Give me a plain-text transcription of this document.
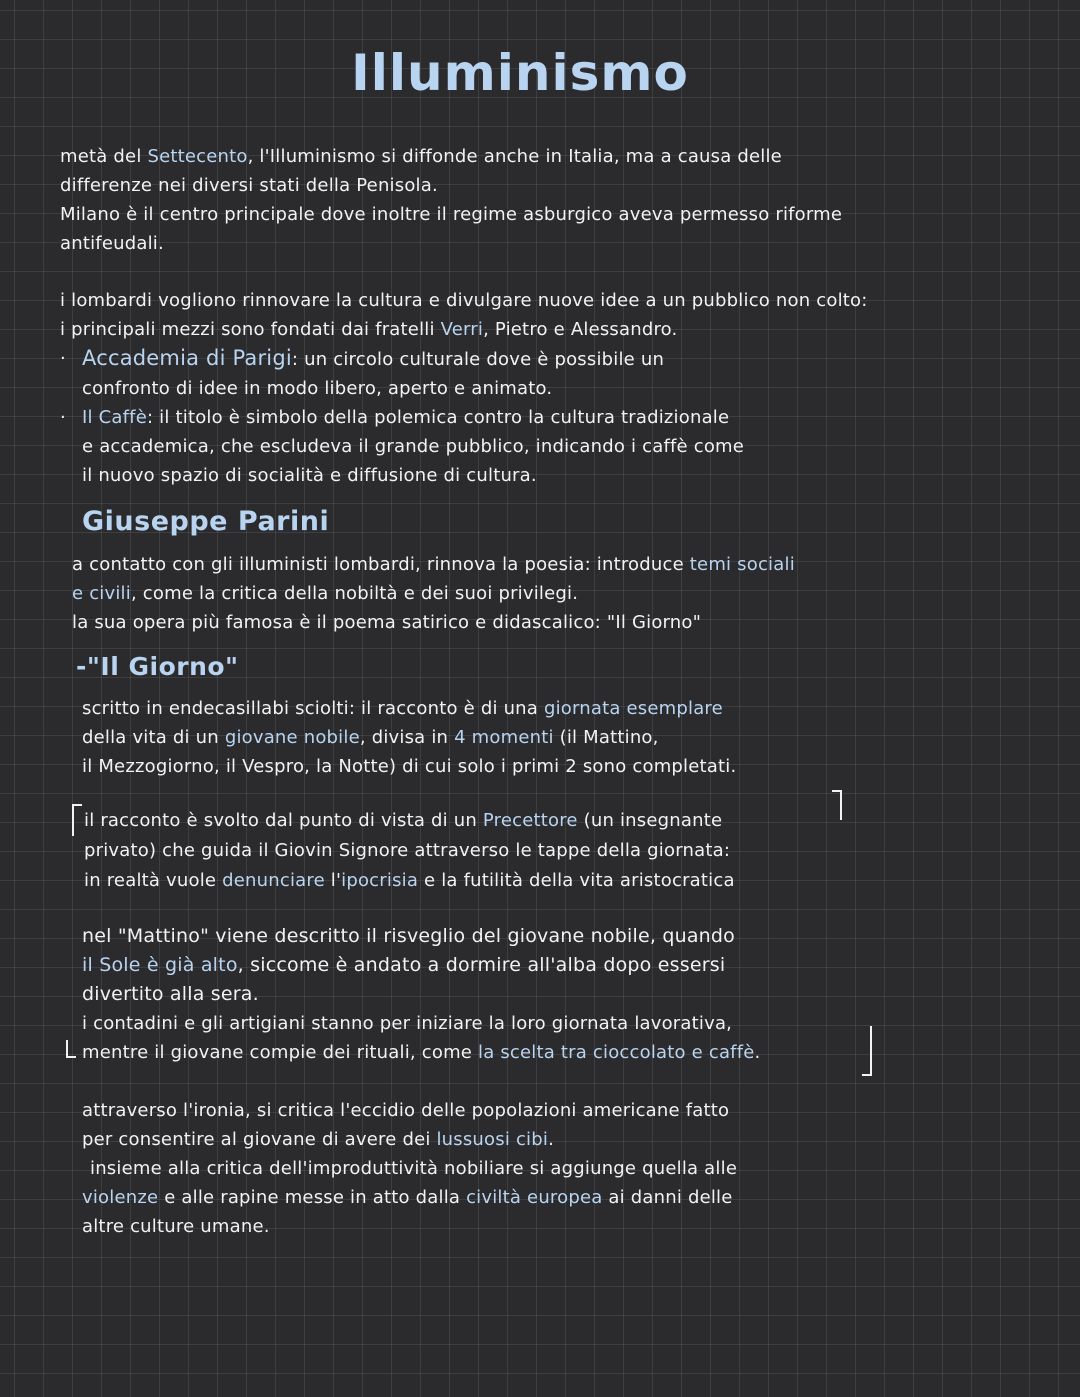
Illuminismo

metà del Settecento, l'Illuminismo si diffonde anche in Italia, ma a causa delle

differenze nei diversi stati della Penisola.

Milano è il centro principale dove inoltre il regime asburgico aveva permesso riforme

antifeudali.

i lombardi vogliono rinnovare la cultura e divulgare nuove idee a un pubblico non colto:

i principali mezzi sono fondati dai fratelli Verri, Pietro e Alessandro.

· Accademia di Parigi: un circolo culturale dove è possibile un

confronto di idee in modo libero, aperto e animato.

· Il Caffè: il titolo è simbolo della polemica contro la cultura tradizionale

e accademica, che escludeva il grande pubblico, indicando i caffè come

il nuovo spazio di socialità e diffusione di cultura.

Giuseppe Parini

a contatto con gli illuministi lombardi, rinnova la poesia: introduce temi sociali

e civili, come la critica della nobiltà e dei suoi privilegi.

la sua opera più famosa è il poema satirico e didascalico: "Il Giorno"

-"Il Giorno"

scritto in endecasillabi sciolti: il racconto è di una giornata esemplare

della vita di un giovane nobile, divisa in 4 momenti (il Mattino,

il Mezzogiorno, il Vespro, la Notte) di cui solo i primi 2 sono completati.

il racconto è svolto dal punto di vista di un Precettore (un insegnante

privato) che guida il Giovin Signore attraverso le tappe della giornata:

in realtà vuole denunciare l'ipocrisia e la futilità della vita aristocratica

nel "Mattino" viene descritto il risveglio del giovane nobile, quando

il Sole è già alto, siccome è andato a dormire all'alba dopo essersi

divertito alla sera.

i contadini e gli artigiani stanno per iniziare la loro giornata lavorativa,

mentre il giovane compie dei rituali, come la scelta tra cioccolato e caffè.

attraverso l'ironia, si critica l'eccidio delle popolazioni americane fatto

per consentire al giovane di avere dei lussuosi cibi.

insieme alla critica dell'improduttività nobiliare si aggiunge quella alle

violenze e alle rapine messe in atto dalla civiltà europea ai danni delle

altre culture umane.
